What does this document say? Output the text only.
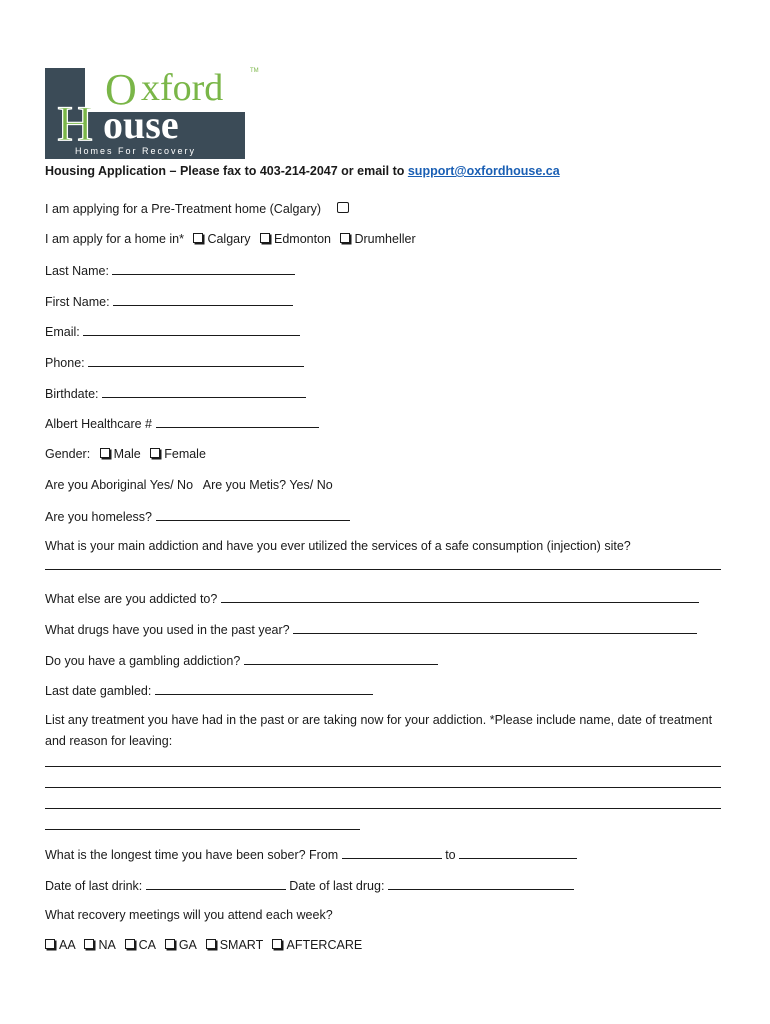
O xford	TM
H ouse
Homes For Recovery
Housing Application – Please fax to 403-214-2047 or email to support@oxfordhouse.ca
I am applying for a Pre-Treatment home (Calgary)
I am apply for a home in* Calgary Edmonton Drumheller
Last Name:
First Name:
Email:
Phone:
Birthdate:
Albert Healthcare #
Gender: Male Female
Are you Aboriginal Yes/ No   Are you Metis? Yes/ No
Are you homeless?
What is your main addiction and have you ever utilized the services of a safe consumption (injection) site?
What else are you addicted to?
What drugs have you used in the past year?
Do you have a gambling addiction?
Last date gambled:
List any treatment you have had in the past or are taking now for your addiction. *Please include name, date of treatment and reason for leaving:
What is the longest time you have been sober? From	to
Date of last drink:	Date of last drug:
What recovery meetings will you attend each week?
AA NA CA GA SMART AFTERCARE
